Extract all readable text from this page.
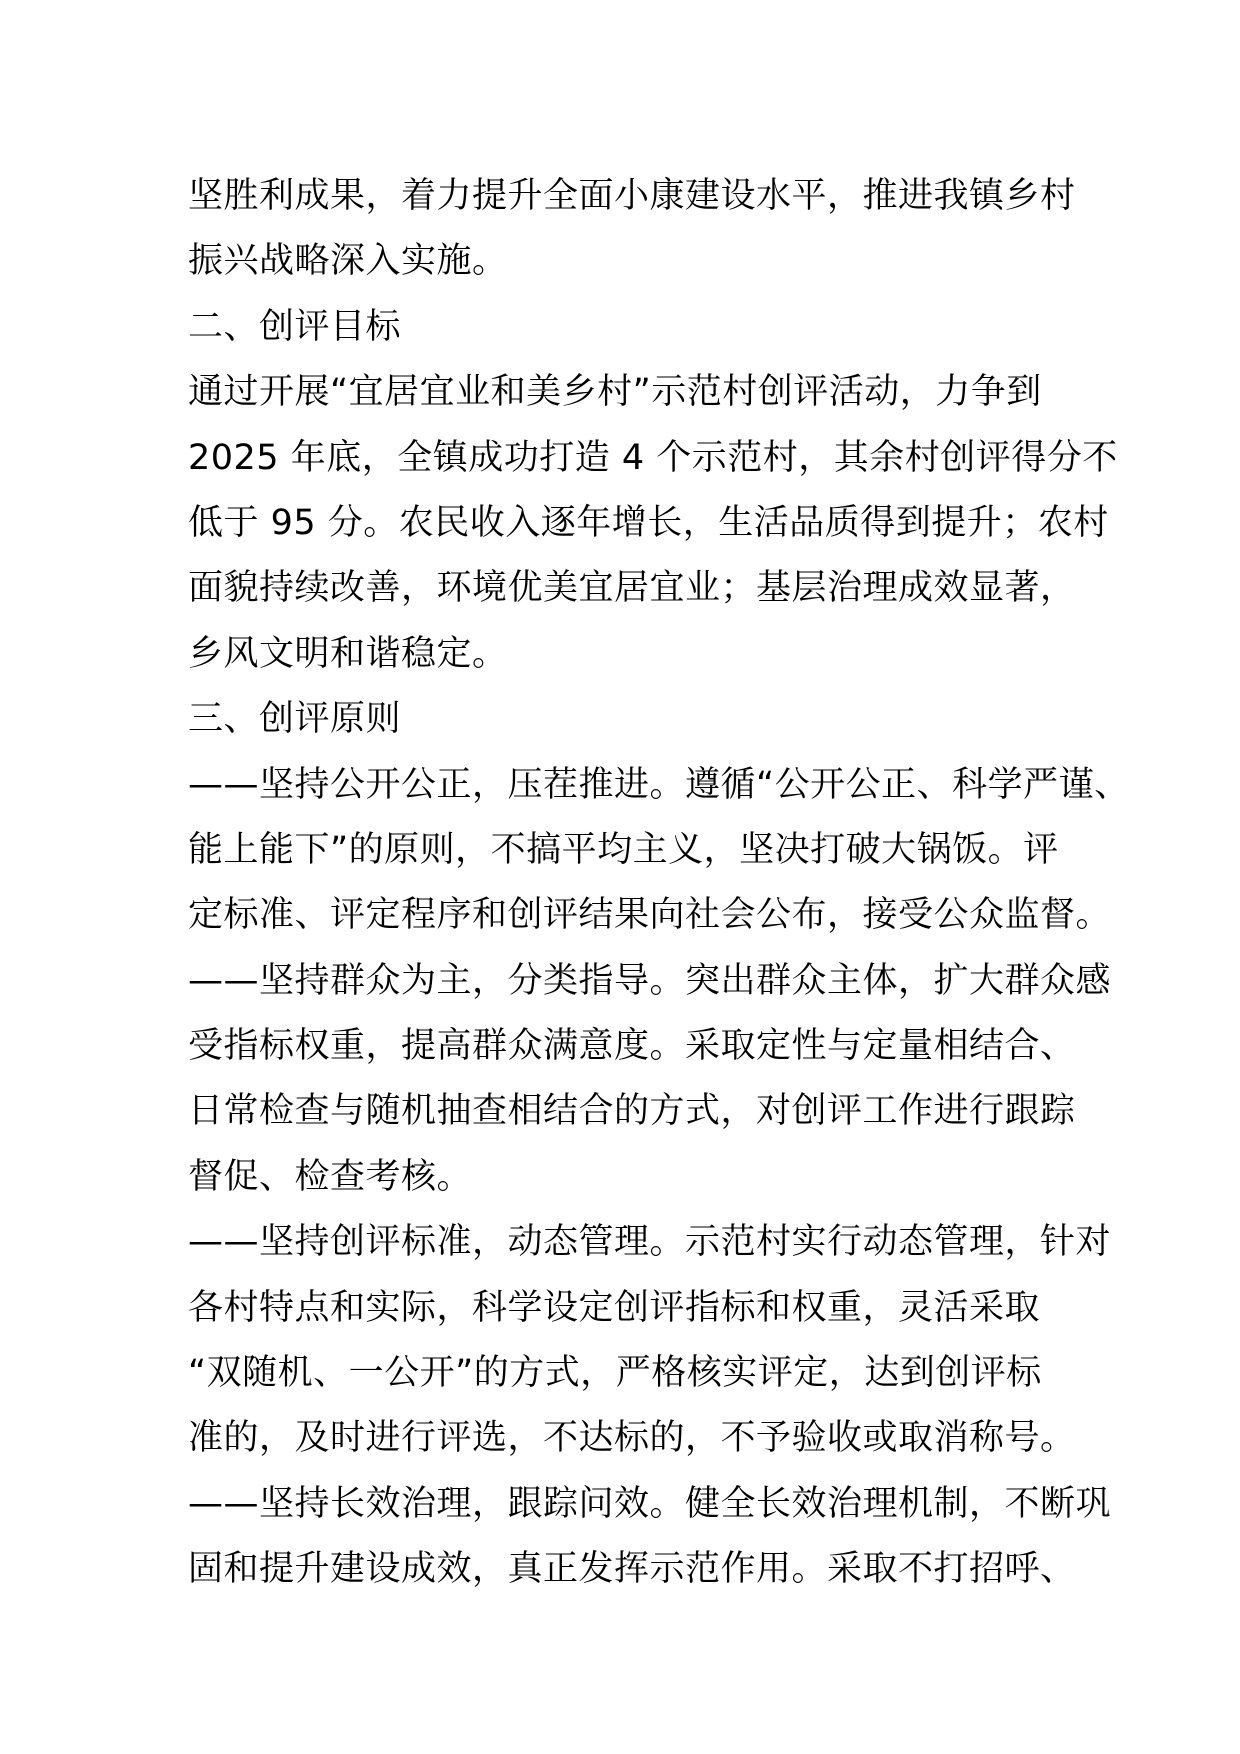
坚胜利成果，着力提升全面小康建设水平，推进我镇乡村
振兴战略深入实施。
二、创评目标
通过开展“宜居宜业和美乡村”示范村创评活动，力争到
2025 年底，全镇成功打造 4 个示范村，其余村创评得分不
低于 95 分。农民收入逐年增长，生活品质得到提升；农村
面貌持续改善，环境优美宜居宜业；基层治理成效显著，
乡风文明和谐稳定。
三、创评原则
——坚持公开公正，压茬推进。遵循“公开公正、科学严谨、
能上能下”的原则，不搞平均主义，坚决打破大锅饭。评
定标准、评定程序和创评结果向社会公布，接受公众监督。
——坚持群众为主，分类指导。突出群众主体，扩大群众感
受指标权重，提高群众满意度。采取定性与定量相结合、
日常检查与随机抽查相结合的方式，对创评工作进行跟踪
督促、检查考核。
——坚持创评标准，动态管理。示范村实行动态管理，针对
各村特点和实际，科学设定创评指标和权重，灵活采取
“双随机、一公开”的方式，严格核实评定，达到创评标
准的，及时进行评选，不达标的，不予验收或取消称号。
——坚持长效治理，跟踪问效。健全长效治理机制，不断巩
固和提升建设成效，真正发挥示范作用。采取不打招呼、
